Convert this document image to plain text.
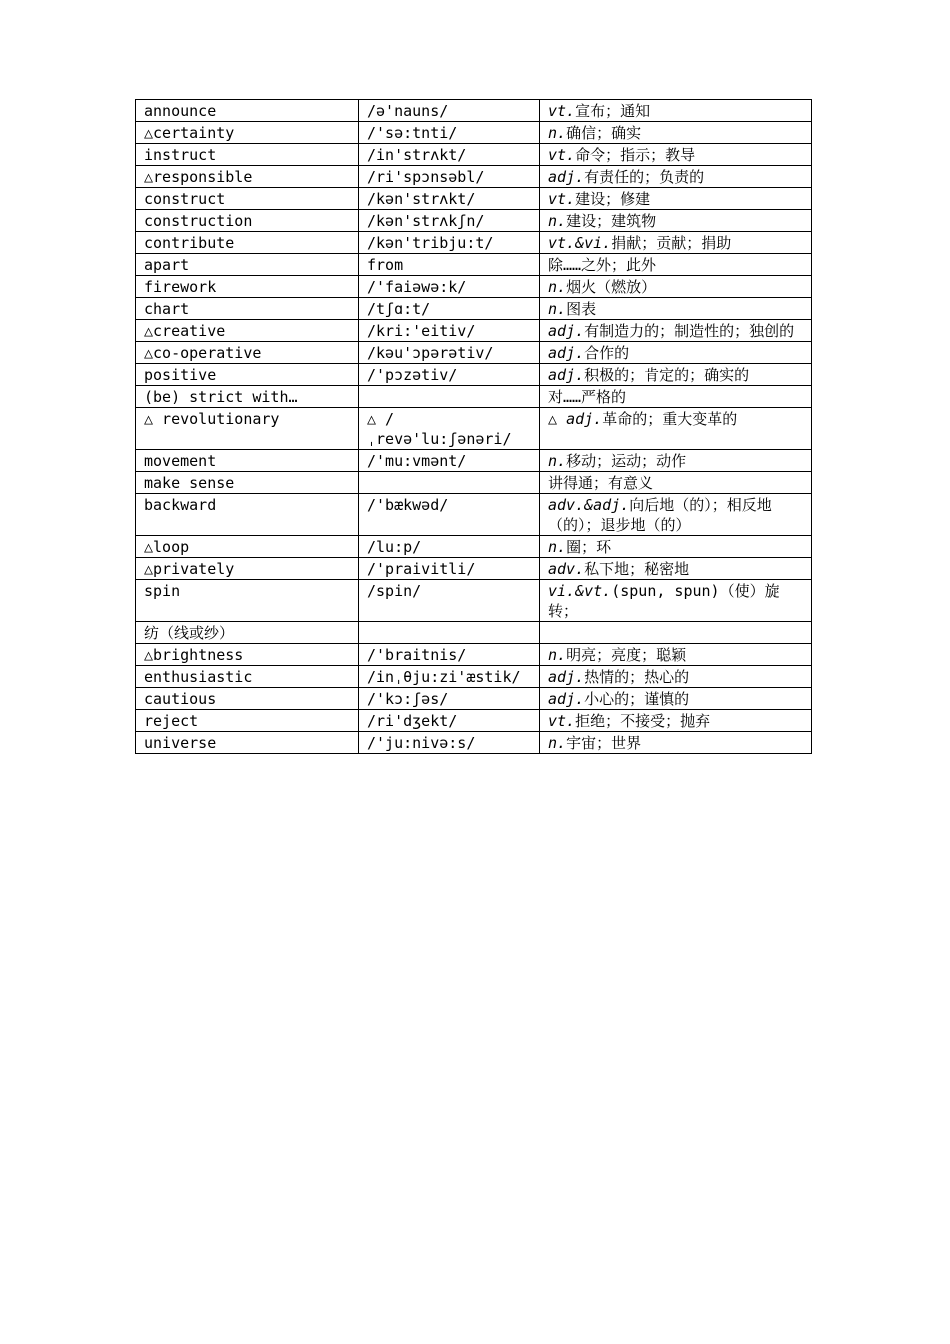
announce	/ə'nauns/	vt.宣布；通知
△certainty	/'sə:tnti/	n.确信；确实
instruct	/in'strʌkt/	vt.命令；指示；教导
△responsible	/ri'spɔnsəbl/	adj.有责任的；负责的
construct	/kən'strʌkt/	vt.建设；修建
construction	/kən'strʌkʃn/	n.建设；建筑物
contribute	/kən'tribju:t/	vt.&vi.捐献；贡献；捐助
apart	from	除……之外；此外
firework	/'faiəwə:k/	n.烟火（燃放）
chart	/tʃɑ:t/	n.图表
△creative	/kri:'eitiv/	adj.有制造力的；制造性的；独创的
△co-operative	/kəu'ɔpərətiv/	adj.合作的
positive	/'pɔzətiv/	adj.积极的；肯定的；确实的
(be) strict with…		对……严格的
△ revolutionary	△ /ˌrevə'lu:ʃənəri/	△ adj.革命的；重大变革的
movement	/'mu:vmənt/	n.移动；运动；动作
make sense		讲得通；有意义
backward	/'bækwəd/	adv.&adj.向后地（的）；相反地（的）；退步地（的）
△loop	/lu:p/	n.圈；环
△privately	/'praivitli/	adv.私下地；秘密地
spin	/spin/	vi.&vt.(spun, spun)（使）旋转；
纺（线或纱）		
△brightness	/'braitnis/	n.明亮；亮度；聪颖
enthusiastic	/inˌθju:zi'æstik/	adj.热情的；热心的
cautious	/'kɔ:ʃəs/	adj.小心的；谨慎的
reject	/ri'dʒekt/	vt.拒绝；不接受；抛弃
universe	/'ju:nivə:s/	n.宇宙；世界
